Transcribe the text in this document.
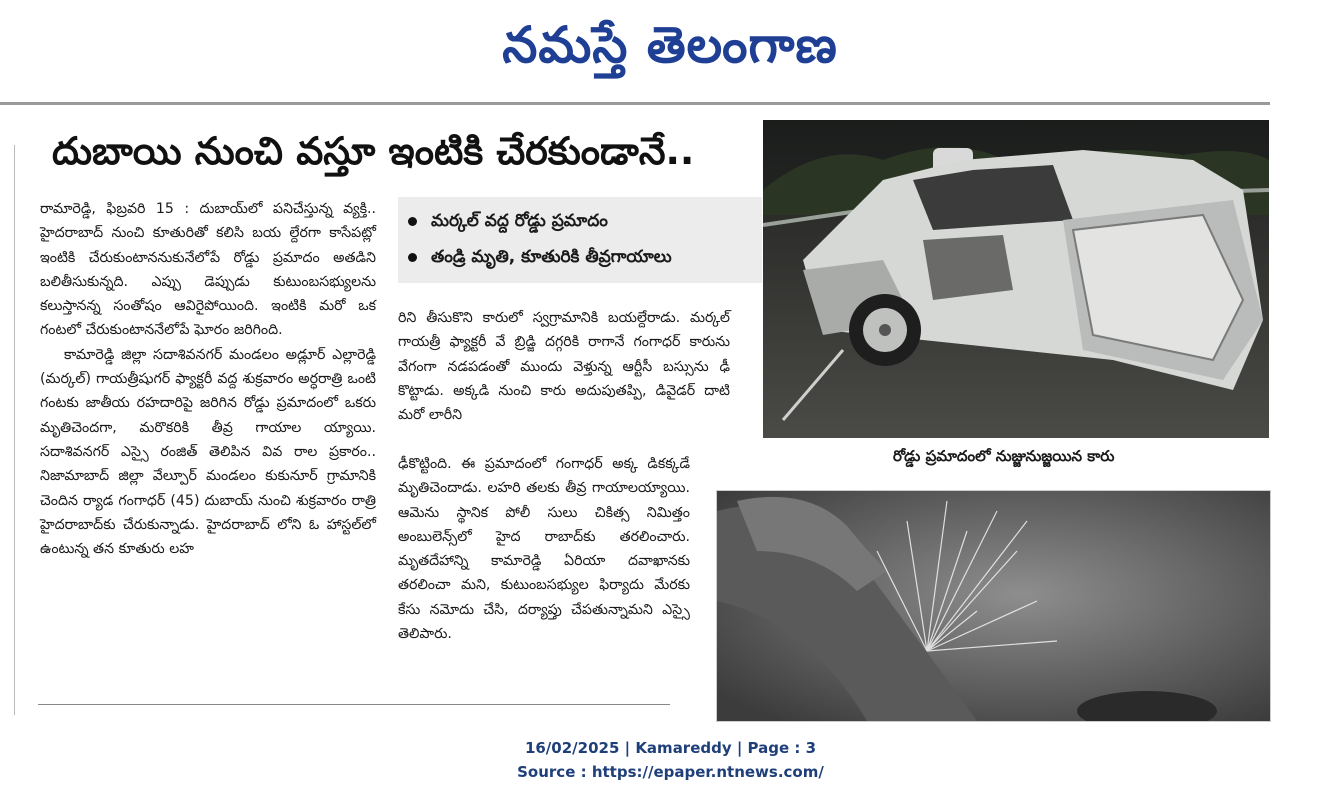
నమస్తే తెలంగాణ
దుబాయి నుంచి వస్తూ ఇంటికి చేరకుండానే..
మర్కల్ వద్ద రోడ్డు ప్రమాదం
తండ్రి మృతి, కూతురికి తీవ్రగాయాలు

రామారెడ్డి, ఫిబ్రవరి 15 : దుబాయ్‌లో పనిచేస్తున్న వ్యక్తి.. హైదరాబాద్ నుంచి కూతురితో కలిసి బయ ల్దేరగా కాసేపట్లో ఇంటికి చేరుకుంటాననుకునేలోపే రోడ్డు ప్రమాదం అతడిని బలితీసుకున్నది. ఎప్పు డెప్పుడు కుటుంబసభ్యులను కలుస్తానన్న సంతోషం ఆవిరైపోయింది. ఇంటికి మరో ఒక గంటలో చేరుకుంటాననేలోపే ఘోరం జరిగింది.

కామారెడ్డి జిల్లా సదాశివనగర్ మండలం అడ్లూర్ ఎల్లారెడ్డి (మర్కల్) గాయత్రీషుగర్ ఫ్యాక్టరీ వద్ద శుక్రవారం అర్ధరాత్రి ఒంటి గంటకు జాతీయ రహదారిపై జరిగిన రోడ్డు ప్రమాదంలో ఒకరు మృతిచెందగా, మరొకరికి తీవ్ర గాయాల య్యాయి. సదాశివనగర్ ఎస్సై రంజిత్ తెలిపిన వివ రాల ప్రకారం.. నిజామాబాద్ జిల్లా వేల్పూర్ మండలం కుకునూర్ గ్రామానికి చెందిన ర్యాడ గంగాధర్ (45) దుబాయ్ నుంచి శుక్రవారం రాత్రి హైదరాబాద్‌కు చేరుకున్నాడు. హైదరాబాద్ లోని ఓ హాస్టల్‌లో ఉంటున్న తన కూతురు లహ

రిని తీసుకొని కారులో స్వగ్రామానికి బయల్దేరాడు. మర్కల్ గాయత్రీ ఫ్యాక్టరీ వే బ్రిడ్జి దగ్గరికి రాగానే గంగాధర్ కారును వేగంగా నడపడంతో ముందు వెళ్తున్న ఆర్టీసీ బస్సును ఢీ కొట్టాడు. అక్కడి నుంచి కారు అదుపుతప్పి, డివైడర్ దాటి మరో లారీని

ఢీకొట్టింది. ఈ ప్రమాదంలో గంగాధర్ అక్క డికక్కడే మృతిచెందాడు. లహరి తలకు తీవ్ర గాయాలయ్యాయి. ఆమెను స్థానిక పోలీ సులు చికిత్స నిమిత్తం అంబులెన్స్‌లో హైద రాబాద్‌కు తరలించారు. మృతదేహాన్ని కామారెడ్డి ఏరియా దవాఖానకు తరలించా మని, కుటుంబసభ్యుల ఫిర్యాదు మేరకు కేసు నమోదు చేసి, దర్యాప్తు చేపతున్నామని ఎస్సై తెలిపారు.

రోడ్డు ప్రమాదంలో నుజ్జునుజ్జయిన కారు
16/02/2025 | Kamareddy | Page : 3
Source : https://epaper.ntnews.com/
